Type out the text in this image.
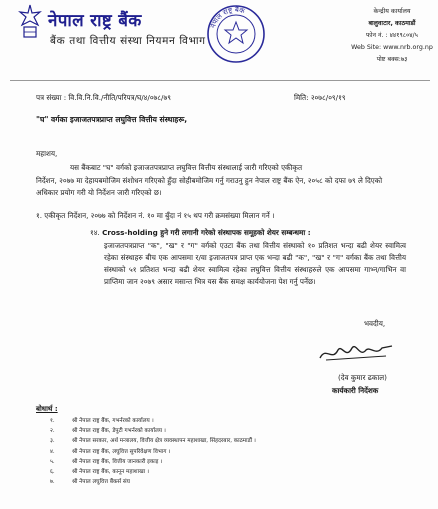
नेपाल राष्ट्र बैंक
बैंक तथा वित्तीय संस्था नियमन विभाग
नेपाल राष्ट्र बैंक	केन्द्रीय कार्यालय
बालुवाटार, काठमाडौं
फोन नं. : ४४१९८०४/५
Web Site: www.nrb.org.np
पोष्ट बक्स:७३
पत्र संख्या : वि.वि.नि.वि./नीति/परिपत्र/घ/४/०७८/७९	मिति: २०७८/०९/१९
"घ" वर्गका इजाजतपत्रप्राप्त लघुवित्त वित्तीय संस्थाहरू,
महाशय,
यस बैंकबाट "घ" वर्गको इजाजतपत्रप्राप्त लघुवित्त वित्तीय संस्थालाई जारी गरिएको एकीकृत
निर्देशन, २०७७ मा देहायबमोजिम संशोधन गरिएको हुँदा सोहीबमोजिम गर्नु गराउनु हुन नेपाल राष्ट्र बैंक ऐन, २०५८ को दफा ७९ ले दिएको अधिकार प्रयोग गरी यो निर्देशन जारी गरिएको छ।
१. एकीकृत निर्देशन, २०७७ को निर्देशन नं. १० मा बुँदा नं १५ थप गरी क्रमसंख्या मिलान गर्ने ।
१४. Cross-holding हुने गरी लगानी गरेको संस्थापक समूहको शेयर सम्बन्धमा :
इजाजतपत्रप्राप्त "क", "ख" र "ग" वर्गको एउटा बैंक तथा वित्तीय संस्थाको १० प्रतिशत भन्दा बढी शेयर स्वामित्व रहेका संस्थाहरु बीच एक आपसमा र/वा इजाजतपत्र प्राप्त एक भन्दा बढी "क", "ख" र "ग" वर्गका बैंक तथा वित्तीय संस्थाको ५१ प्रतिशत भन्दा बढी शेयर स्वामित्व रहेका लघुवित्त वित्तीय संस्थाहरुले एक आपसमा गाभ्न/गाभिन वा प्राप्तिमा जान २०७९ असार मसान्त भित्र यस बैंक समक्ष कार्ययोजना पेश गर्नु पर्नेछ।
भवदीय,
(देव कुमार ढकाल)
कार्यकारी निर्देशक
बोधार्थ :
१.	श्री नेपाल राष्ट्र बैंक, गभर्नरको कार्यालय ।
२.	श्री नेपाल राष्ट्र बैंक, डेपुटी गभर्नरको कार्यालय ।
३.	श्री नेपाल सरकार, अर्थ मन्त्रालय, वित्तीय क्षेत्र व्यवस्थापन महाशाखा, सिंहदरबार, काठमाडौं ।
४.	श्री नेपाल राष्ट्र बैंक, लघुवित्त सुपरिवेक्षण विभाग ।
५.	श्री नेपाल राष्ट्र बैंक, वित्तीय जानकारी इकाइ ।
६.	श्री नेपाल राष्ट्र बैंक, कानून महाशाखा ।
७.	श्री नेपाल लघुवित्त बैंकर्स संघ
